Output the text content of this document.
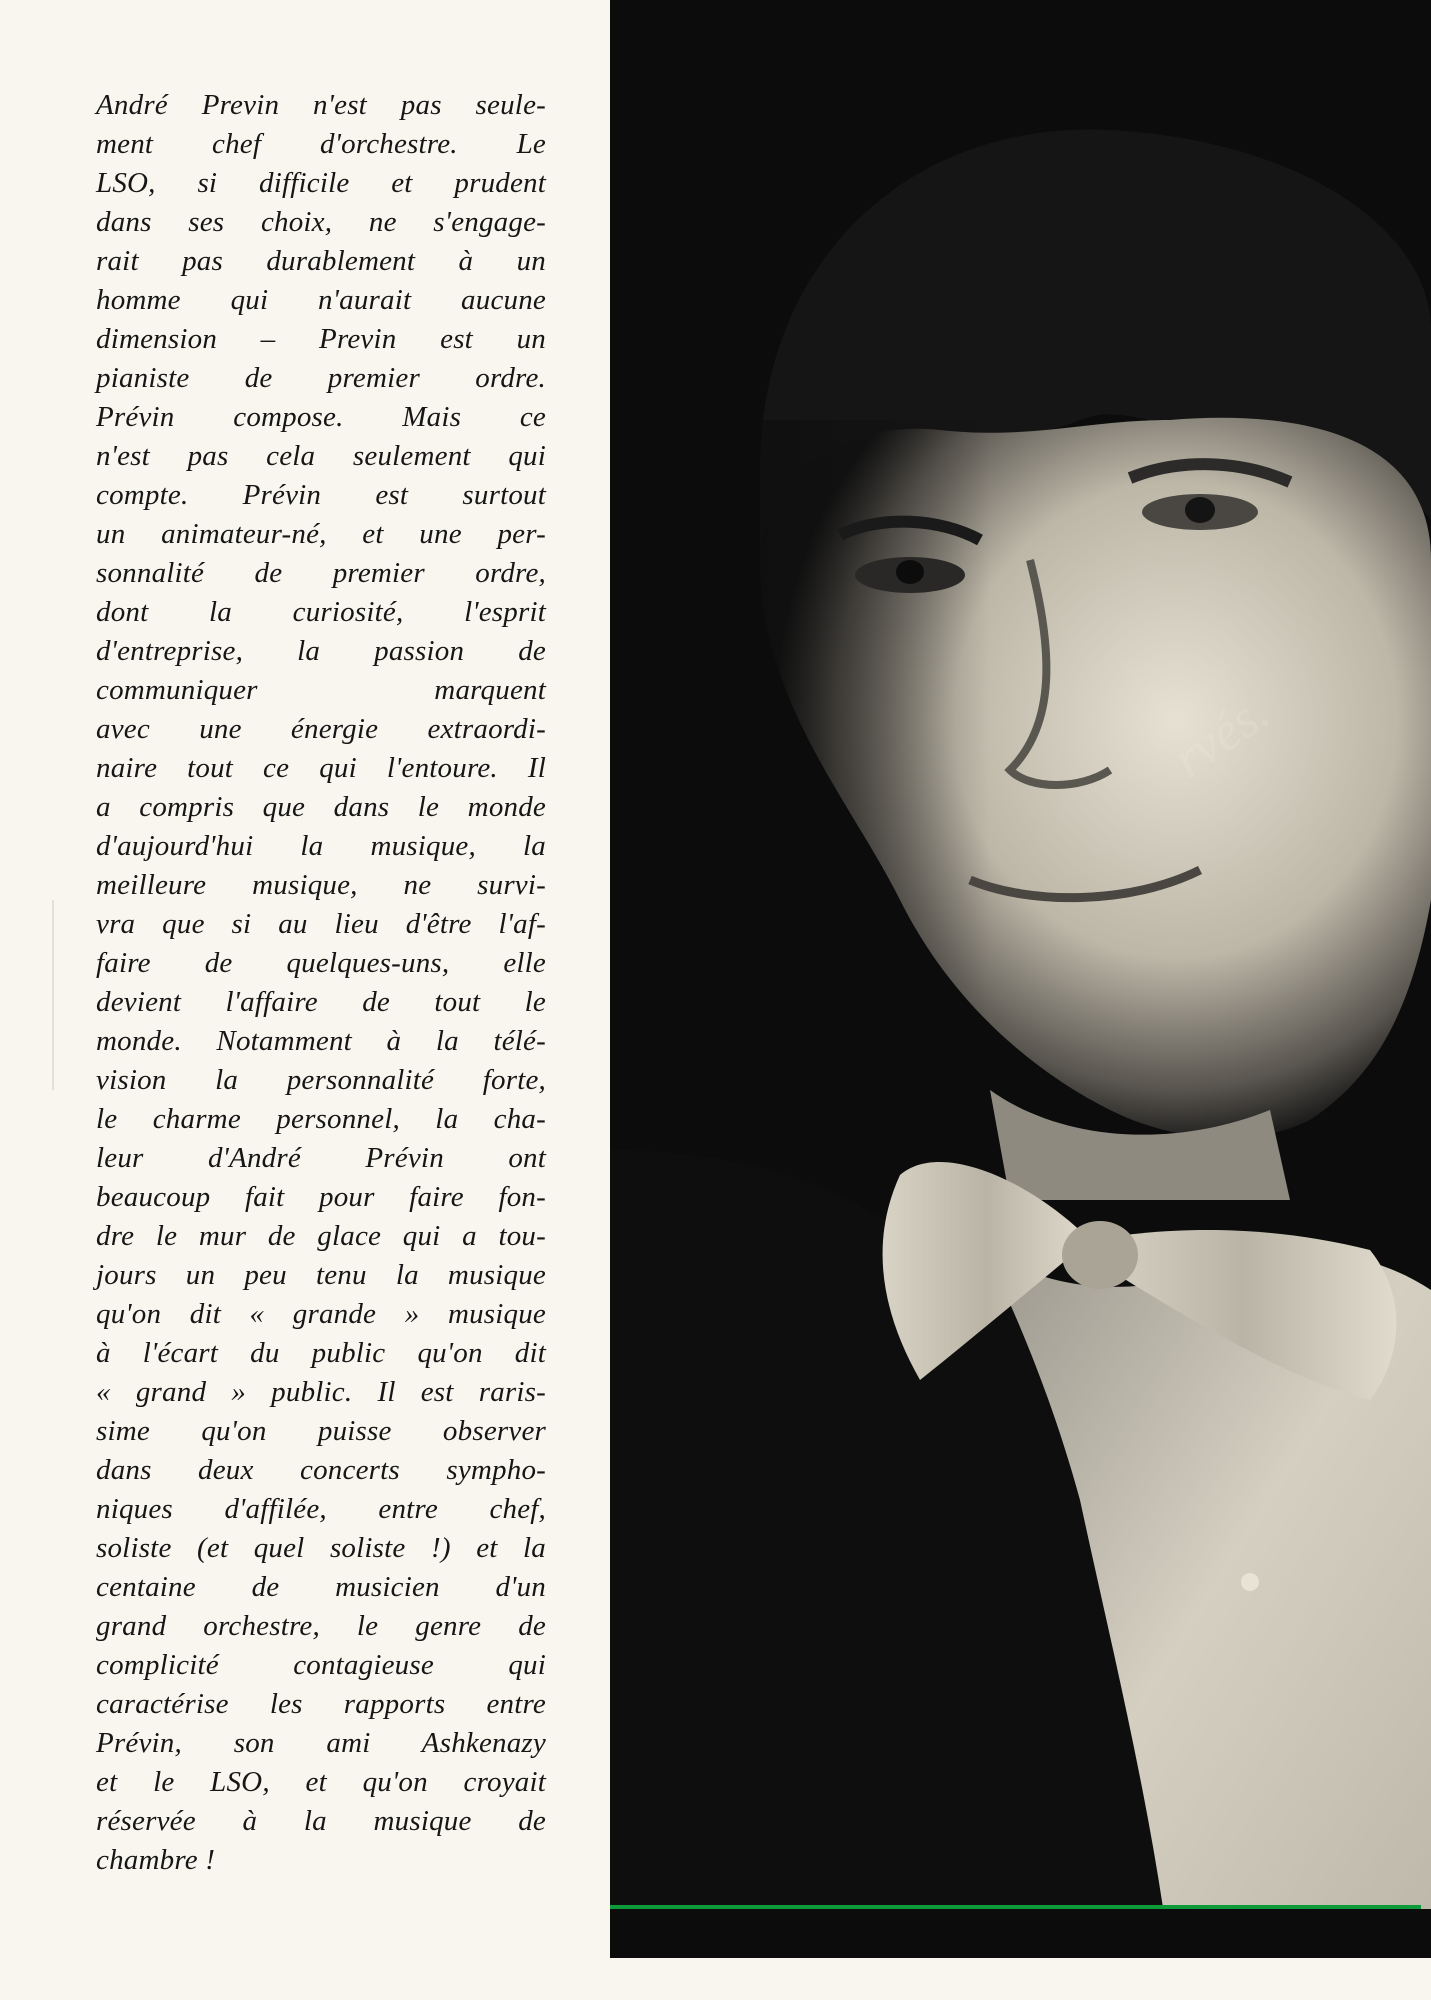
André Previn n'est pas seule-
ment chef d'orchestre. Le
LSO, si difficile et prudent
dans ses choix, ne s'engage-
rait pas durablement à un
homme qui n'aurait aucune
dimension – Previn est un
pianiste de premier ordre.
Prévin compose. Mais ce
n'est pas cela seulement qui
compte. Prévin est surtout
un animateur-né, et une per-
sonnalité de premier ordre,
dont la curiosité, l'esprit
d'entreprise, la passion de
communiquer marquent
avec une énergie extraordi-
naire tout ce qui l'entoure. Il
a compris que dans le monde
d'aujourd'hui la musique, la
meilleure musique, ne survi-
vra que si au lieu d'être l'af-
faire de quelques-uns, elle
devient l'affaire de tout le
monde. Notamment à la télé-
vision la personnalité forte,
le charme personnel, la cha-
leur d'André Prévin ont
beaucoup fait pour faire fon-
dre le mur de glace qui a tou-
jours un peu tenu la musique
qu'on dit « grande » musique
à l'écart du public qu'on dit
« grand » public. Il est raris-
sime qu'on puisse observer
dans deux concerts sympho-
niques d'affilée, entre chef,
soliste (et quel soliste !) et la
centaine de musicien d'un
grand orchestre, le genre de
complicité contagieuse qui
caractérise les rapports entre
Prévin, son ami Ashkenazy
et le LSO, et qu'on croyait
réservée à la musique de
chambre !
rvés.
